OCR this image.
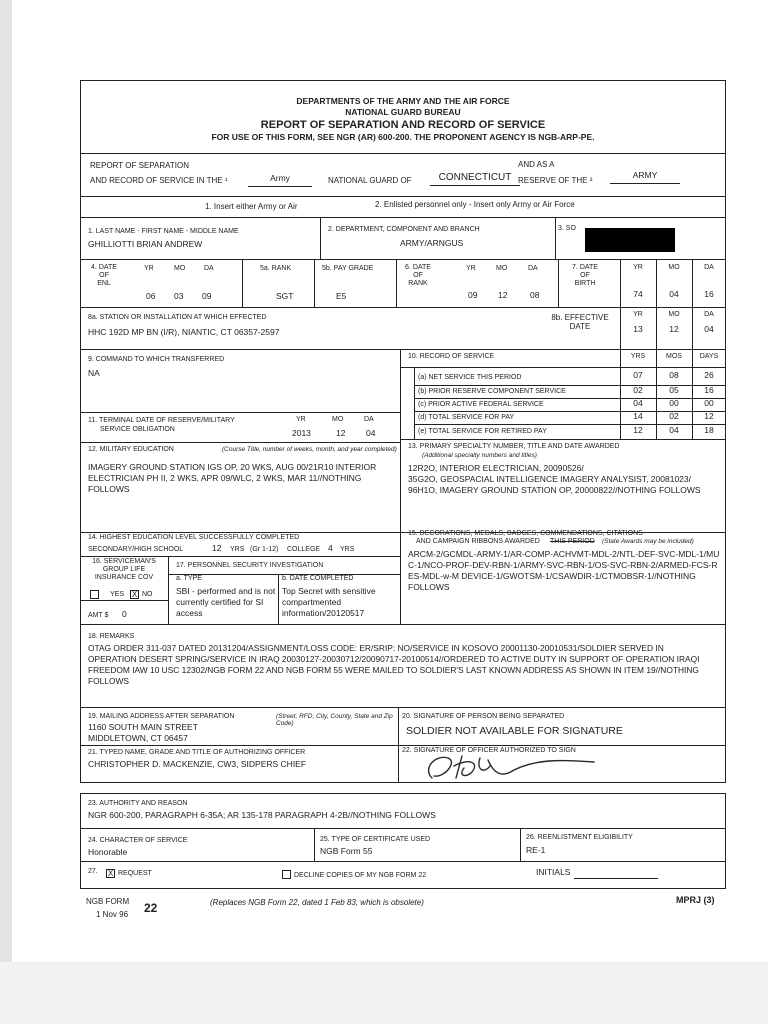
DEPARTMENTS OF THE ARMY AND THE AIR FORCE
NATIONAL GUARD BUREAU
REPORT OF SEPARATION AND RECORD OF SERVICE
FOR USE OF THIS FORM, SEE NGR (AR) 600-200. THE PROPONENT AGENCY IS NGB-ARP-PE.
REPORT OF SEPARATION
AND RECORD OF SERVICE IN THE ¹	Army	NATIONAL GUARD OF	CONNECTICUT
AND AS A
RESERVE OF THE ²
ARMY
1. Insert either Army or Air	2. Enlisted personnel only - Insert only Army or Air Force
1. LAST NAME - FIRST NAME - MIDDLE NAME
GHILLIOTTI BRIAN ANDREW
2. DEPARTMENT, COMPONENT AND BRANCH
ARMY/ARNGUS
3. SO
4. DATE
OF
ENL
YR	MO	DA
06 03 09
5a. RANK
SGT
5b. PAY GRADE
E5
6. DATE
OF
RANK
YR	MO	DA
09 12	08
7. DATE
OF
BIRTH
YR	MO	DA
74	04	16
8a. STATION OR INSTALLATION AT WHICH EFFECTED
HHC 192D MP BN (I/R), NIANTIC, CT 06357-2597
8b. EFFECTIVE
DATE
YR	MO	DA
13	12	04
9. COMMAND TO WHICH TRANSFERRED
NA
10. RECORD OF SERVICE	YRS	MOS	DAYS
(a) NET SERVICE THIS PERIOD	07	08	26
(b) PRIOR RESERVE COMPONENT SERVICE	02	05	16
(c) PRIOR ACTIVE FEDERAL SERVICE	04	00	00
(d) TOTAL SERVICE FOR PAY	14	02	12
(e) TOTAL SERVICE FOR RETIRED PAY	12	04	18
11. TERMINAL DATE OF RESERVE/MILITARY
SERVICE OBLIGATION
YR	MO	DA
2013	12 04
12. MILITARY EDUCATION	(Course Title, number of weeks, month, and year completed)
IMAGERY GROUND STATION IGS OP, 20 WKS, AUG 00/21R10 INTERIOR
ELECTRICIAN PH II, 2 WKS, APR 09/WLC, 2 WKS, MAR 11//NOTHING
FOLLOWS
13. PRIMARY SPECIALTY NUMBER, TITLE AND DATE AWARDED
(Additional specialty numbers and titles)
12R2O, INTERIOR ELECTRICIAN, 20090526/
35G2O, GEOSPACIAL INTELLIGENCE IMAGERY ANALYSIST, 20081023/
96H1O, IMAGERY GROUND STATION OP, 20000822//NOTHING FOLLOWS
14. HIGHEST EDUCATION LEVEL SUCCESSFULLY COMPLETED
SECONDARY/HIGH SCHOOL	12 YRS (Gr 1-12) COLLEGE 4 YRS
15. DECORATIONS, MEDALS, BADGES, COMMENDATIONS, CITATIONS
AND CAMPAIGN RIBBONS AWARDED THIS PERIOD (State Awards may be included)
ARCM-2/GCMDL-ARMY-1/AR-COMP-ACHVMT-MDL-2/NTL-DEF-SVC-MDL-1/MU
C-1/NCO-PROF-DEV-RBN-1/ARMY-SVC-RBN-1/OS-SVC-RBN-2/ARMED-FCS-R
ES-MDL-w-M DEVICE-1/GWOTSM-1/CSAWDIR-1/CTMOBSR-1//NOTHING
FOLLOWS
16. SERVICEMAN'S
GROUP LIFE
INSURANCE COV
YES X NO
AMT $ 0
17. PERSONNEL SECURITY INVESTIGATION
a. TYPE
SBI - performed and is not
currently certified for SI
access
b. DATE COMPLETED
Top Secret with sensitive
compartmented
information/20120517
18. REMARKS
OTAG ORDER 311-037 DATED 20131204/ASSIGNMENT/LOSS CODE: ER/SRIP: NO/SERVICE IN KOSOVO 20001130-20010531/SOLDIER SERVED IN
OPERATION DESERT SPRING/SERVICE IN IRAQ 20030127-20030712/20090717-20100514//ORDERED TO ACTIVE DUTY IN SUPPORT OF OPERATION IRAQI
FREEDOM IAW 10 USC 12302/NGB FORM 22 AND NGB FORM 55 WERE MAILED TO SOLDIER'S LAST KNOWN ADDRESS AS SHOWN IN ITEM 19//NOTHING
FOLLOWS
19. MAILING ADDRESS AFTER SEPARATION	(Street, RFD, City, County, State and Zip Code)
1160 SOUTH MAIN STREET
MIDDLETOWN, CT 06457
20. SIGNATURE OF PERSON BEING SEPARATED
SOLDIER NOT AVAILABLE FOR SIGNATURE
21. TYPED NAME, GRADE AND TITLE OF AUTHORIZING OFFICER
CHRISTOPHER D. MACKENZIE, CW3, SIDPERS CHIEF
22. SIGNATURE OF OFFICER AUTHORIZED TO SIGN
23. AUTHORITY AND REASON
NGR 600-200, PARAGRAPH 6-35A; AR 135-178 PARAGRAPH 4-2B//NOTHING FOLLOWS
24. CHARACTER OF SERVICE
Honorable
25. TYPE OF CERTIFICATE USED
NGB Form 55
26. REENLISTMENT ELIGIBILITY
RE-1
27. X REQUEST	DECLINE COPIES OF MY NGB FORM 22	INITIALS
NGB FORM 22
1 Nov 96
(Replaces NGB Form 22, dated 1 Feb 83, which is obsolete)	MPRJ (3)
